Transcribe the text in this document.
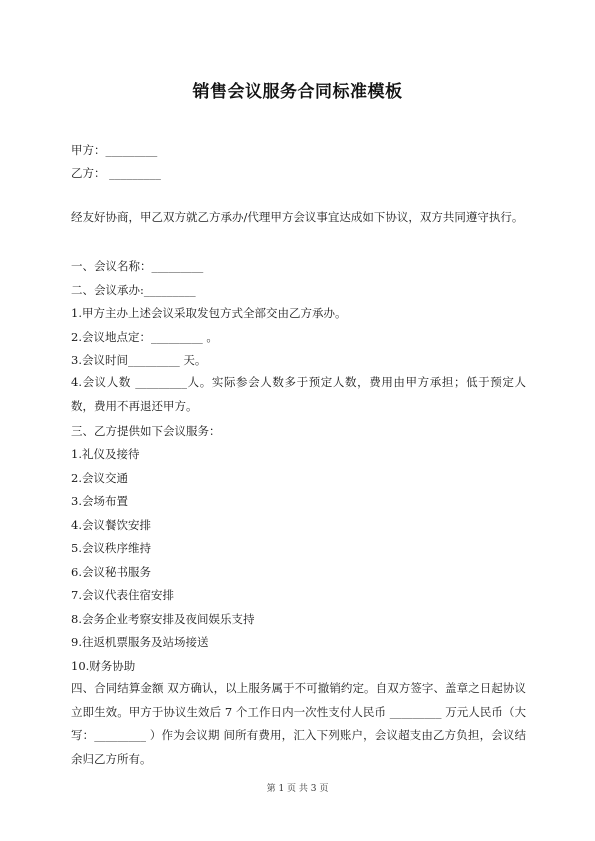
销售会议服务合同标准模板
甲方：_________
乙方： _________
经友好协商，甲乙双方就乙方承办/代理甲方会议事宜达成如下协议，双方共同遵守执行。
一、会议名称：_________
二、会议承办:_________
1.甲方主办上述会议采取发包方式全部交由乙方承办。
2.会议地点定：_________ 。
3.会议时间_________ 天。
4.会议人数 _________人。实际参会人数多于预定人数，费用由甲方承担；低于预定人数，费用不再退还甲方。
三、乙方提供如下会议服务：
1.礼仪及接待
2.会议交通
3.会场布置
4.会议餐饮安排
5.会议秩序维持
6.会议秘书服务
7.会议代表住宿安排
8.会务企业考察安排及夜间娱乐支持
9.往返机票服务及站场接送
10.财务协助
四、合同结算金额 双方确认，以上服务属于不可撤销约定。自双方签字、盖章之日起协议立即生效。甲方于协议生效后 7 个工作日内一次性支付人民币 _________ 万元人民币（大写：_________ ）作为会议期 间所有费用，汇入下列账户，会议超支由乙方负担，会议结余归乙方所有。
第 1 页 共 3 页
